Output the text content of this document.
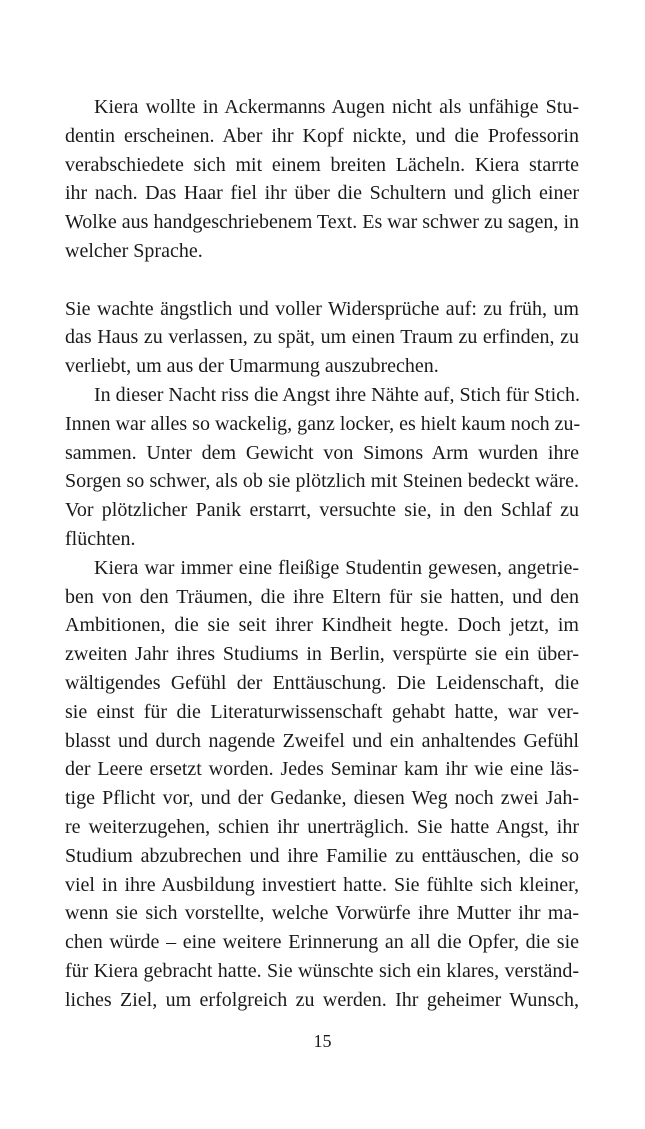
Kiera wollte in Ackermanns Augen nicht als unfähige Stu-
dentin erscheinen. Aber ihr Kopf nickte, und die Professorin
verabschiedete sich mit einem breiten Lächeln. Kiera starrte
ihr nach. Das Haar fiel ihr über die Schultern und glich einer
Wolke aus handgeschriebenem Text. Es war schwer zu sagen, in
welcher Sprache.
Sie wachte ängstlich und voller Widersprüche auf: zu früh, um
das Haus zu verlassen, zu spät, um einen Traum zu erfinden, zu
verliebt, um aus der Umarmung auszubrechen.
In dieser Nacht riss die Angst ihre Nähte auf, Stich für Stich.
Innen war alles so wackelig, ganz locker, es hielt kaum noch zu-
sammen. Unter dem Gewicht von Simons Arm wurden ihre
Sorgen so schwer, als ob sie plötzlich mit Steinen bedeckt wäre.
Vor plötzlicher Panik erstarrt, versuchte sie, in den Schlaf zu
flüchten.
Kiera war immer eine fleißige Studentin gewesen, angetrie-
ben von den Träumen, die ihre Eltern für sie hatten, und den
Ambitionen, die sie seit ihrer Kindheit hegte. Doch jetzt, im
zweiten Jahr ihres Studiums in Berlin, verspürte sie ein über-
wältigendes Gefühl der Enttäuschung. Die Leidenschaft, die
sie einst für die Literaturwissenschaft gehabt hatte, war ver-
blasst und durch nagende Zweifel und ein anhaltendes Gefühl
der Leere ersetzt worden. Jedes Seminar kam ihr wie eine läs-
tige Pflicht vor, und der Gedanke, diesen Weg noch zwei Jah-
re weiterzugehen, schien ihr unerträglich. Sie hatte Angst, ihr
Studium abzubrechen und ihre Familie zu enttäuschen, die so
viel in ihre Ausbildung investiert hatte. Sie fühlte sich kleiner,
wenn sie sich vorstellte, welche Vorwürfe ihre Mutter ihr ma-
chen würde – eine weitere Erinnerung an all die Opfer, die sie
für Kiera gebracht hatte. Sie wünschte sich ein klares, verständ-
liches Ziel, um erfolgreich zu werden. Ihr geheimer Wunsch,
15
